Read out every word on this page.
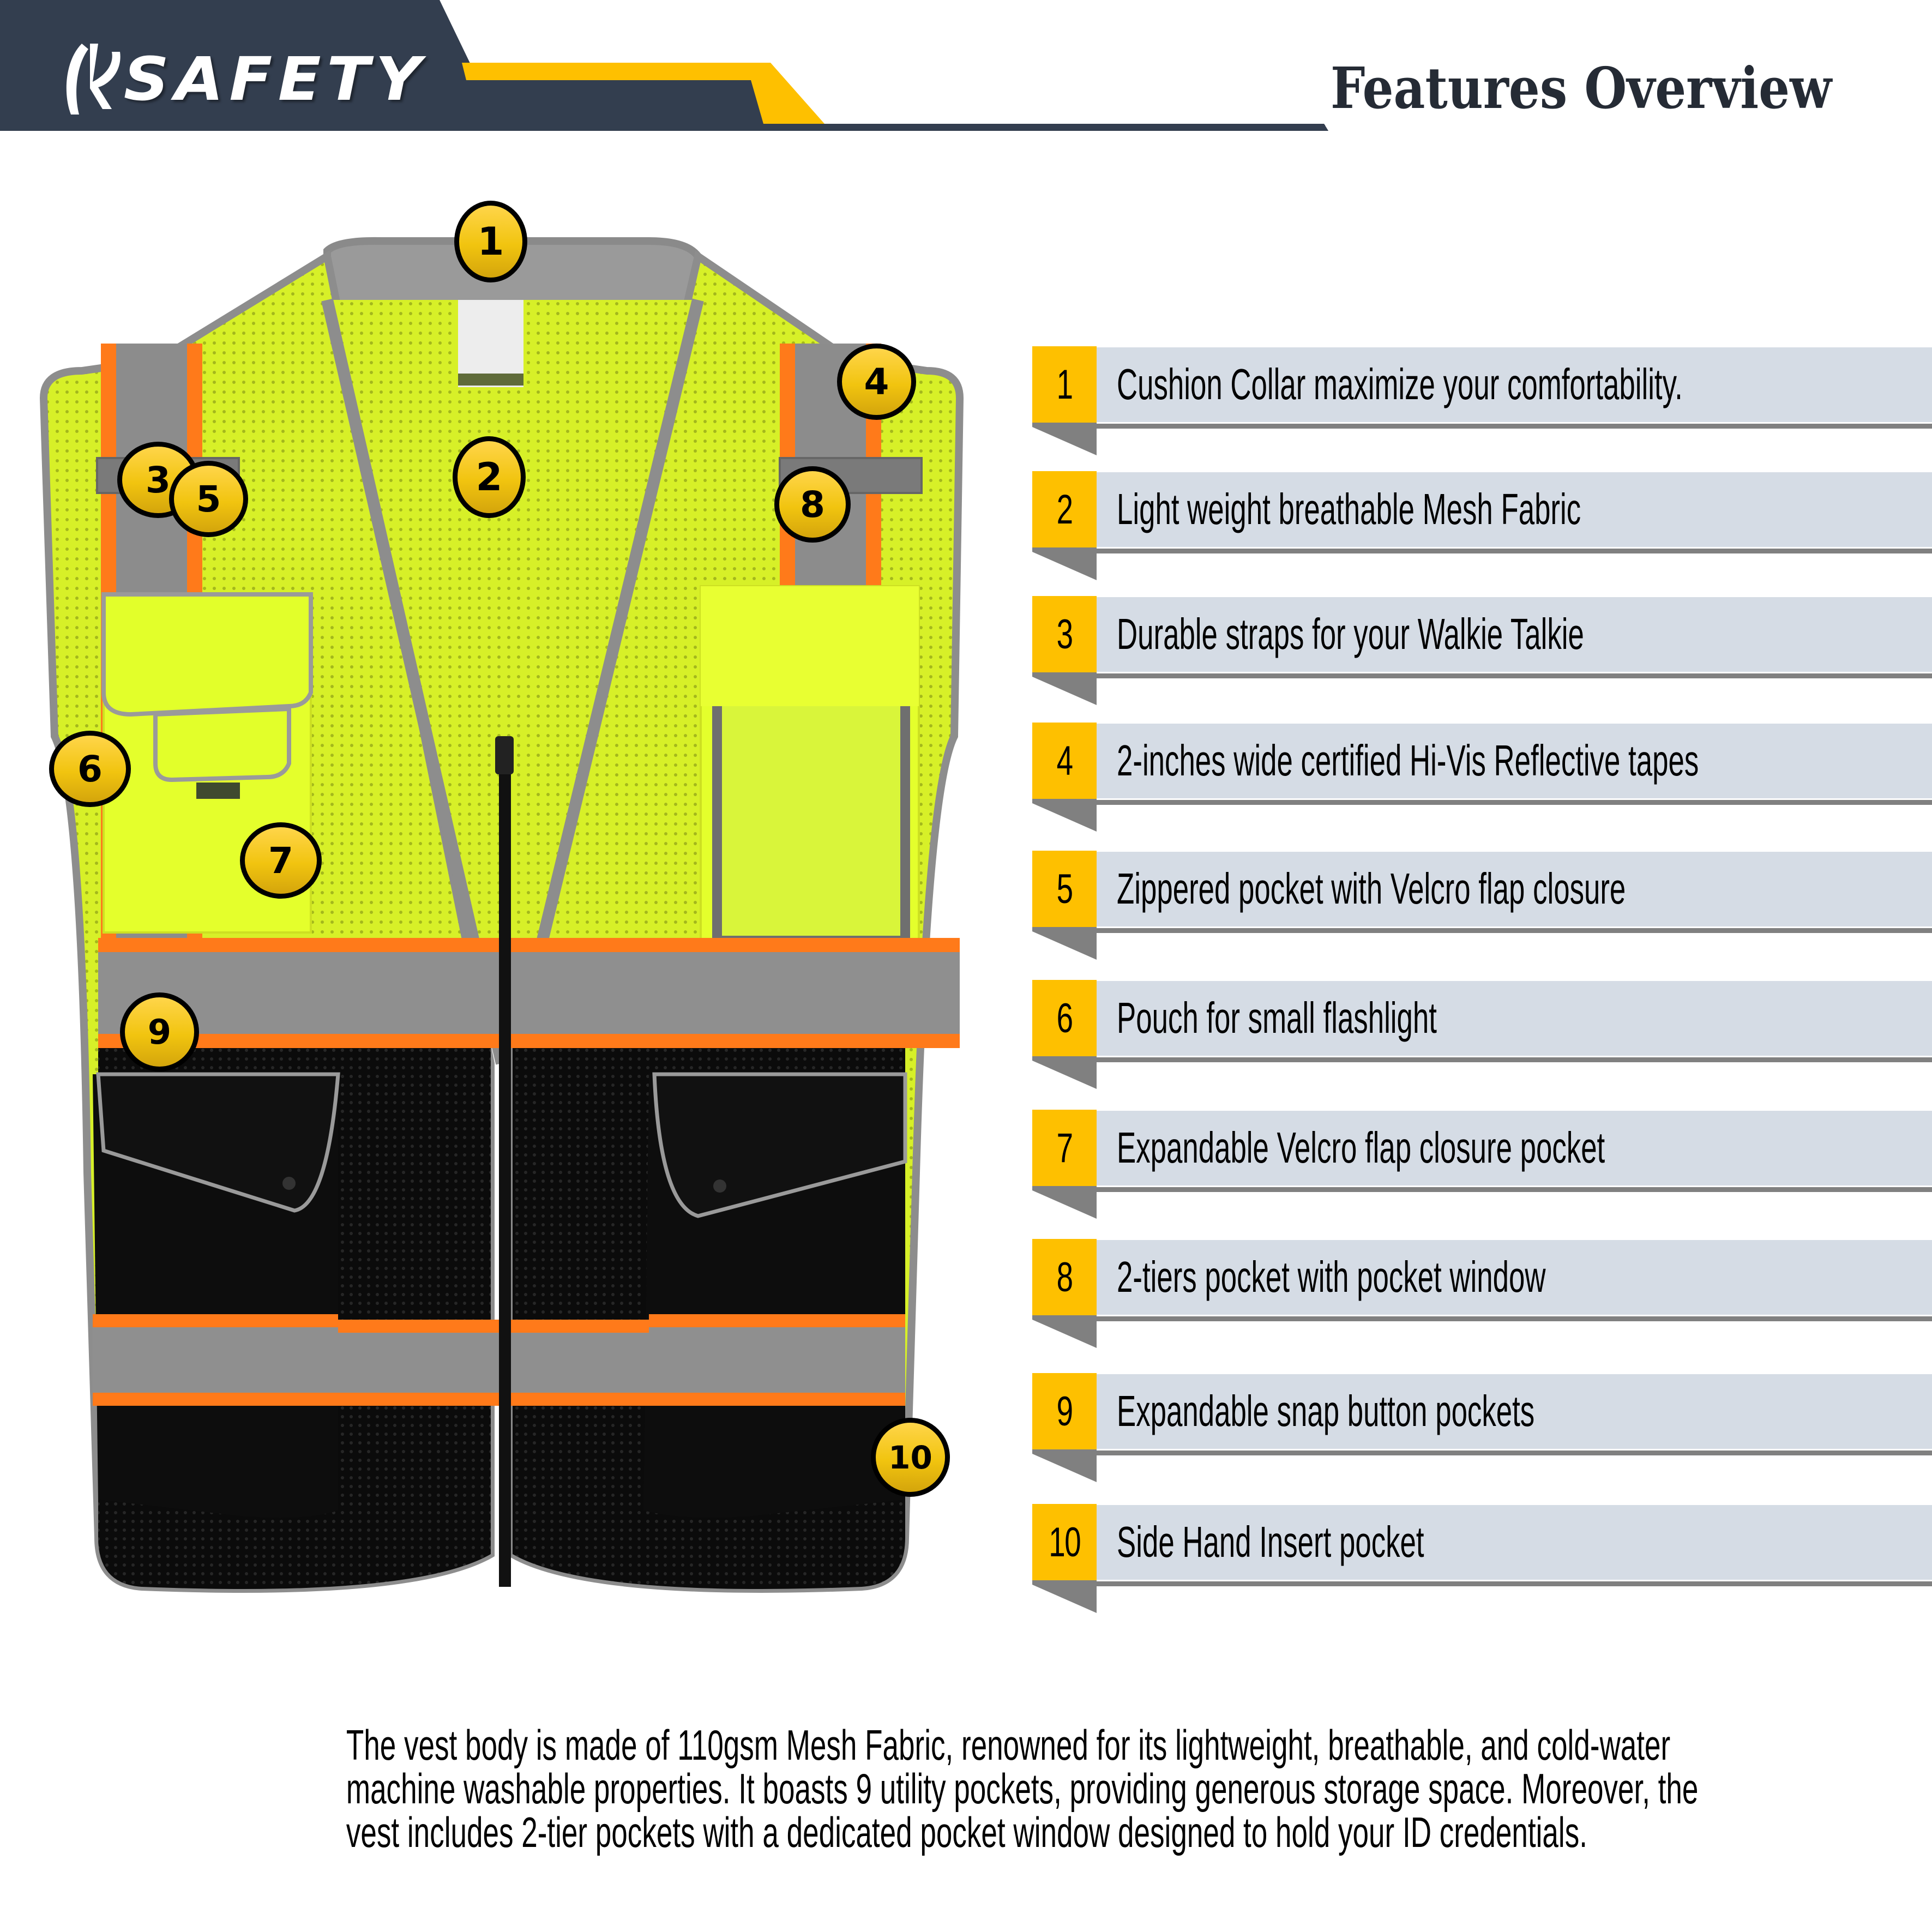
SAFETY	Features Overview
1
2
3
4
5
6
7
8
9
10
1 Cushion Collar maximize your comfortability.
2 Light weight breathable Mesh Fabric
3 Durable straps for your Walkie Talkie
4 2-inches wide certified Hi-Vis Reflective tapes
5 Zippered pocket with Velcro flap closure
6 Pouch for small flashlight
7 Expandable Velcro flap closure pocket
8 2-tiers pocket with pocket window
9 Expandable snap button pockets
10 Side Hand Insert pocket
The vest body is made of 110gsm Mesh Fabric, renowned for its lightweight, breathable, and cold-water
machine washable properties. It boasts 9 utility pockets, providing generous storage space. Moreover, the
vest includes 2-tier pockets with a dedicated pocket window designed to hold your ID credentials.
